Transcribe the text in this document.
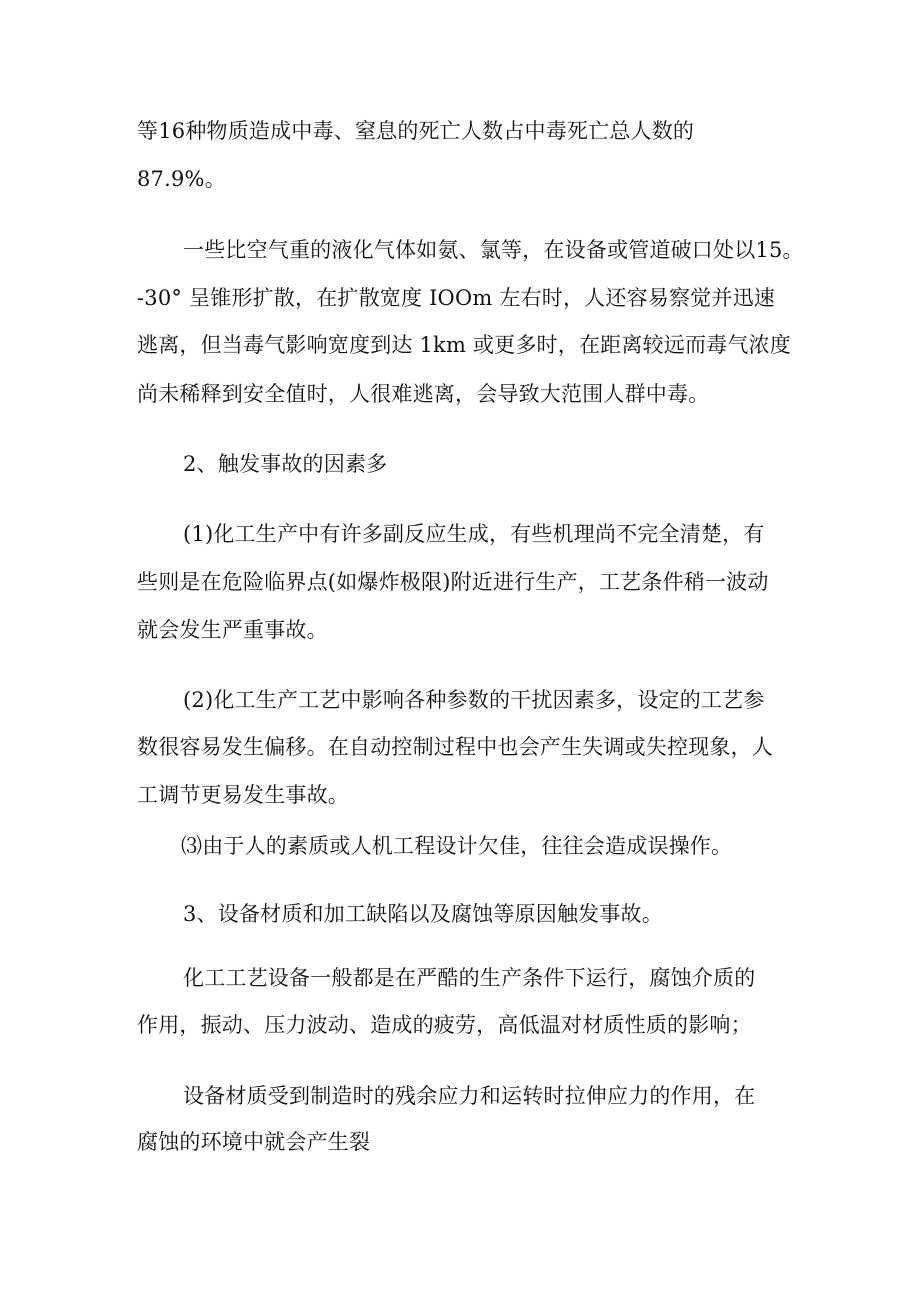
等16种物质造成中毒、窒息的死亡人数占中毒死亡总人数的
87.9%。
一些比空气重的液化气体如氨、氯等，在设备或管道破口处以15。
-30° 呈锥形扩散，在扩散宽度 IOOm 左右时，人还容易察觉并迅速
逃离，但当毒气影响宽度到达 1km 或更多时，在距离较远而毒气浓度
尚未稀释到安全值时，人很难逃离，会导致大范围人群中毒。
2、触发事故的因素多
(1)化工生产中有许多副反应生成，有些机理尚不完全清楚，有
些则是在危险临界点(如爆炸极限)附近进行生产，工艺条件稍一波动
就会发生严重事故。
(2)化工生产工艺中影响各种参数的干扰因素多，设定的工艺参
数很容易发生偏移。在自动控制过程中也会产生失调或失控现象，人
工调节更易发生事故。
⑶由于人的素质或人机工程设计欠佳，往往会造成误操作。
3、设备材质和加工缺陷以及腐蚀等原因触发事故。
化工工艺设备一般都是在严酷的生产条件下运行，腐蚀介质的
作用，振动、压力波动、造成的疲劳，高低温对材质性质的影响；
设备材质受到制造时的残余应力和运转时拉伸应力的作用，在
腐蚀的环境中就会产生裂
